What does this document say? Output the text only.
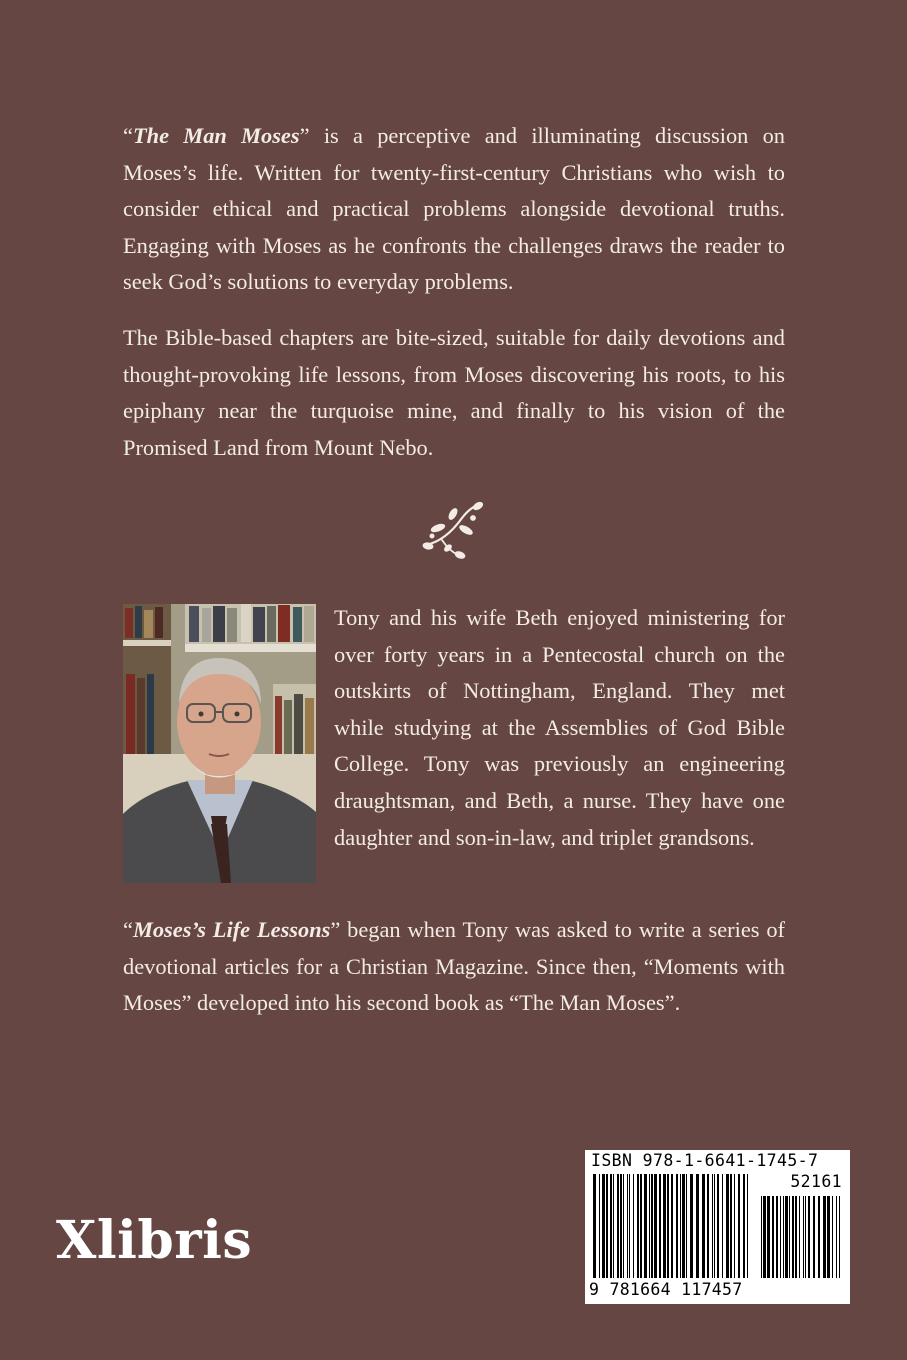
“The Man Moses” is a perceptive and illuminating discussion on Moses’s life. Written for twenty-first-century Christians who wish to consider ethical and practical problems alongside devotional truths. Engaging with Moses as he confronts the challenges draws the reader to seek God’s solutions to everyday problems.

The Bible-based chapters are bite-sized, suitable for daily devotions and thought-provoking life lessons, from Moses discovering his roots, to his epiphany near the turquoise mine, and finally to his vision of the Promised Land from Mount Nebo.

Tony and his wife Beth enjoyed ministering for over forty years in a Pentecostal church on the outskirts of Nottingham, England. They met while studying at the Assemblies of God Bible College. Tony was previously an engineering draughtsman, and Beth, a nurse. They have one daughter and son-in-law, and triplet grandsons.

“Moses’s Life Lessons” began when Tony was asked to write a series of devotional articles for a Christian Magazine. Since then, “Moments with Moses” developed into his second book as “The Man Moses”.

Xlibris
ISBN 978-1-6641-1745-7
52161
9 781664 117457
